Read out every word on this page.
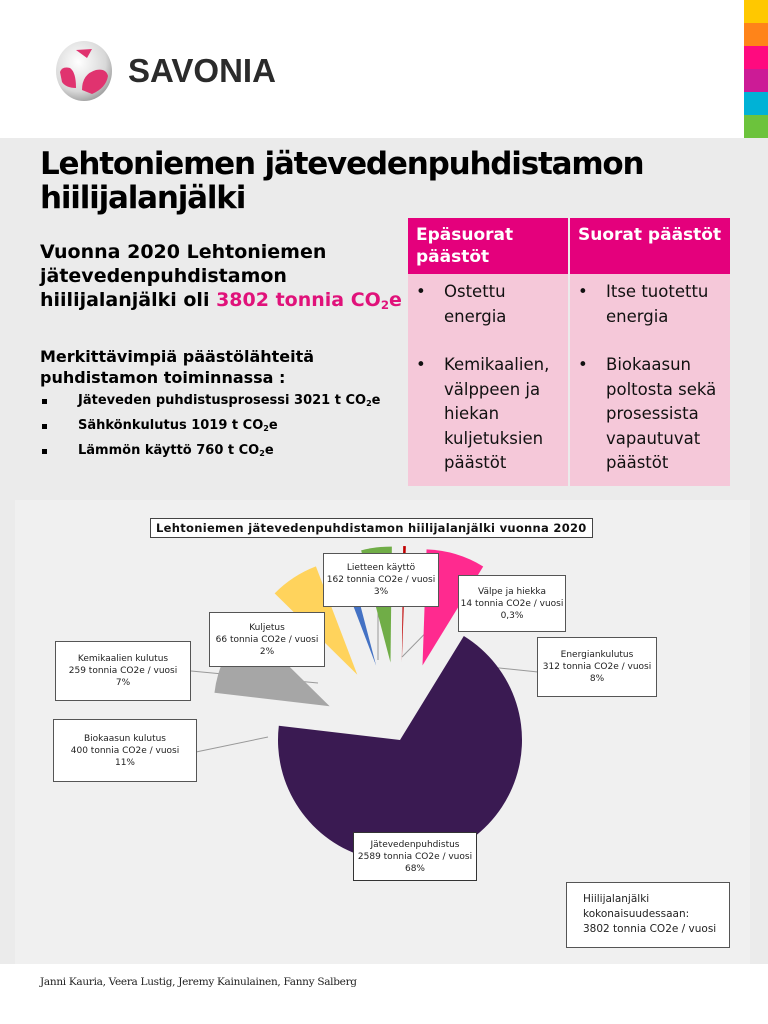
SAVONIA
Lehtoniemen jätevedenpuhdistamon hiilijalanjälki
Vuonna 2020 Lehtoniemen jätevedenpuhdistamon hiilijalanjälki oli 3802 tonnia $CO_2e$
Merkittävimpiä päästölähteitä puhdistamon toiminnassa :
Jäteveden puhdistusprosessi 3021 t $CO_2e$
Sähkönkulutus 1019 t $CO_2e$
Lämmön käyttö 760 t $CO_2e$
Epäsuorat päästöt
• Ostettu energia
• Kemikaalien, välppeen ja hiekan kuljetuksien päästöt
Suorat päästöt
• Itse tuotettu energia
• Biokaasun poltosta sekä prosessista vapautuvat päästöt
Lehtoniemen jätevedenpuhdistamon hiilijalanjälki vuonna 2020
Lietteen käyttö
162 tonnia CO2e / vuosi
3%	Välpe ja hiekka
14 tonnia CO2e / vuosi
0,3%
Kuljetus
66 tonnia CO2e / vuosi
2%
Kemikaalien kulutus
259 tonnia CO2e / vuosi
7%
Energiankulutus
312 tonnia CO2e / vuosi
8%
Biokaasun kulutus
400 tonnia CO2e / vuosi
11%
Jätevedenpuhdistus
2589 tonnia CO2e / vuosi
68%
Hiilijalanjälki
kokonaisuudessaan:
3802 tonnia CO2e / vuosi
Janni Kauria, Veera Lustig, Jeremy Kainulainen, Fanny Salberg
